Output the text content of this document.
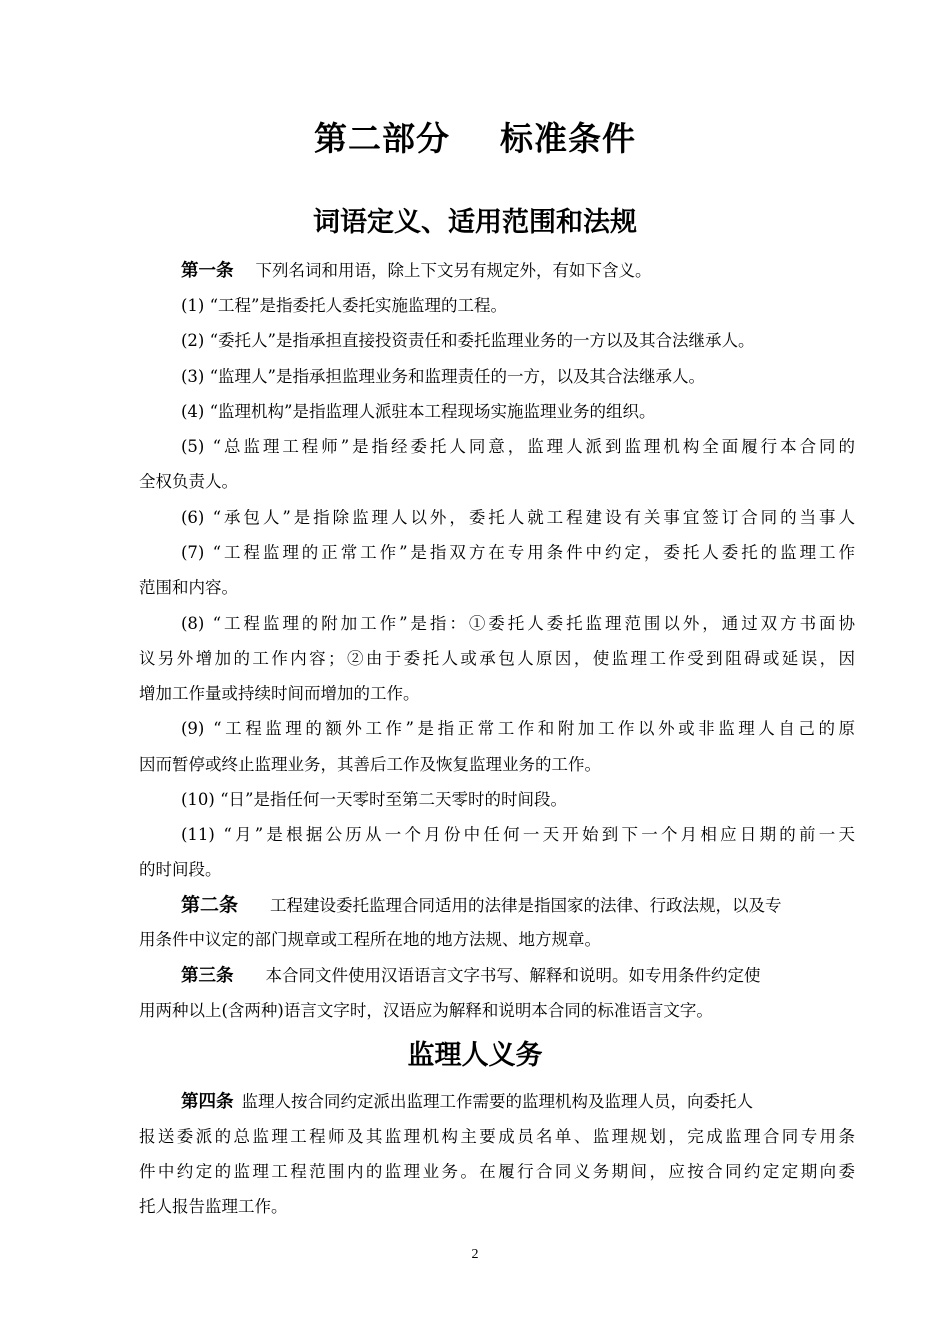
第二部分    标准条件
词语定义、适用范围和法规
第一条 下列名词和用语，除上下文另有规定外，有如下含义。
(1) “工程”是指委托人委托实施监理的工程。
(2) “委托人”是指承担直接投资责任和委托监理业务的一方以及其合法继承人。
(3) “监理人”是指承担监理业务和监理责任的一方，以及其合法继承人。
(4) “监理机构”是指监理人派驻本工程现场实施监理业务的组织。
(5) “总监理工程师”是指经委托人同意，监理人派到监理机构全面履行本合同的
全权负责人。
(6) “承包人”是指除监理人以外，委托人就工程建设有关事宜签订合同的当事人
(7) “工程监理的正常工作”是指双方在专用条件中约定，委托人委托的监理工作
范围和内容。
(8) “工程监理的附加工作”是指：①委托人委托监理范围以外，通过双方书面协
议另外增加的工作内容；②由于委托人或承包人原因，使监理工作受到阻碍或延误，因
增加工作量或持续时间而增加的工作。
(9) “工程监理的额外工作”是指正常工作和附加工作以外或非监理人自己的原
因而暂停或终止监理业务，其善后工作及恢复监理业务的工作。
(10) “日”是指任何一天零时至第二天零时的时间段。
(11) “月”是根据公历从一个月份中任何一天开始到下一个月相应日期的前一天
的时间段。
第二条 工程建设委托监理合同适用的法律是指国家的法律、行政法规，以及专
用条件中议定的部门规章或工程所在地的地方法规、地方规章。
第三条 本合同文件使用汉语语言文字书写、解释和说明。如专用条件约定使
用两种以上(含两种)语言文字时，汉语应为解释和说明本合同的标准语言文字。
监理人义务
第四条 监理人按合同约定派出监理工作需要的监理机构及监理人员，向委托人
报送委派的总监理工程师及其监理机构主要成员名单、监理规划，完成监理合同专用条
件中约定的监理工程范围内的监理业务。在履行合同义务期间，应按合同约定定期向委
托人报告监理工作。
2
